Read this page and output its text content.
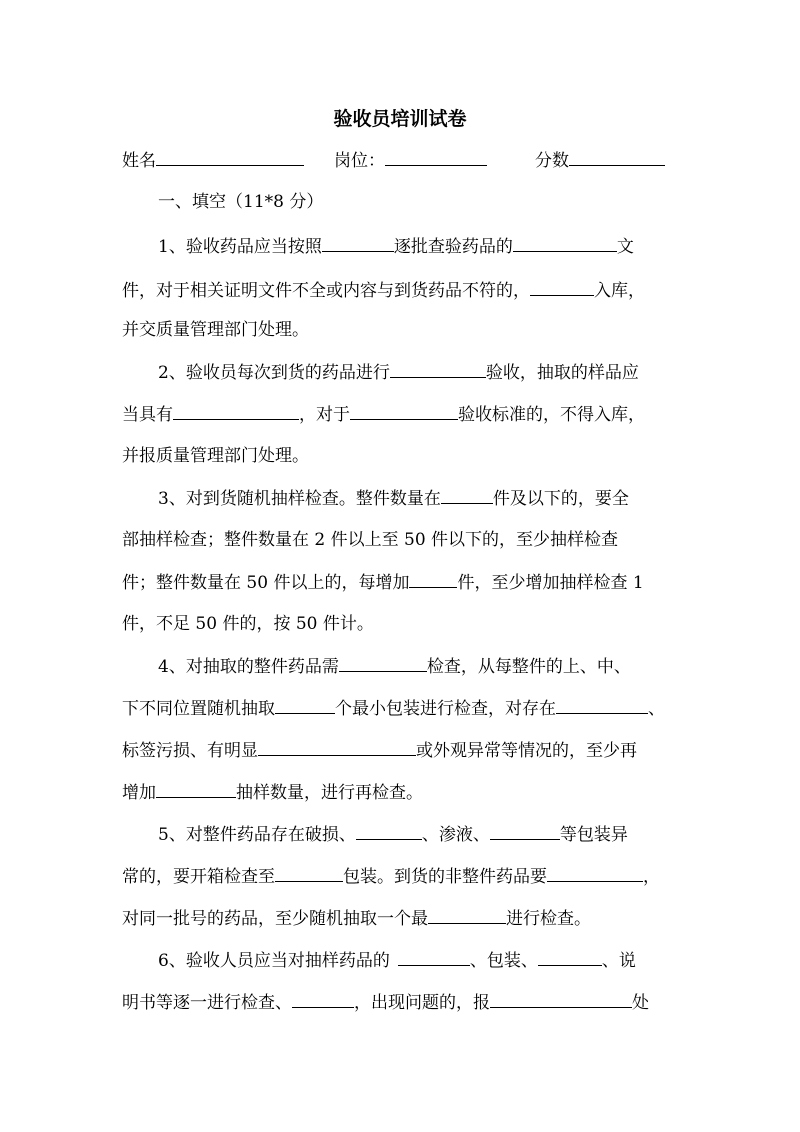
验收员培训试卷
姓名	岗位：	分数
一、填空（11*8 分）
1、验收药品应当按照	逐批查验药品的	文
件，对于相关证明文件不全或内容与到货药品不符的，	入库，
并交质量管理部门处理。
2、验收员每次到货的药品进行	验收，抽取的样品应
当具有	，对于	验收标准的，不得入库，
并报质量管理部门处理。
3、对到货随机抽样检查。整件数量在	件及以下的，要全
部抽样检查；整件数量在 2 件以上至 50 件以下的，至少抽样检查
件；整件数量在 50 件以上的，每增加	件，至少增加抽样检查 1
件，不足 50 件的，按 50 件计。
4、对抽取的整件药品需	检查，从每整件的上、中、
下不同位置随机抽取	个最小包装进行检查，对存在	、
标签污损、有明显	或外观异常等情况的，至少再
增加	抽样数量，进行再检查。
5、对整件药品存在破损、	、渗液、	等包装异
常的，要开箱检查至	包装。到货的非整件药品要	，
对同一批号的药品，至少随机抽取一个最	进行检查。
6、验收人员应当对抽样药品的	、包装、	、说
明书等逐一进行检查、	，出现问题的，报	处
